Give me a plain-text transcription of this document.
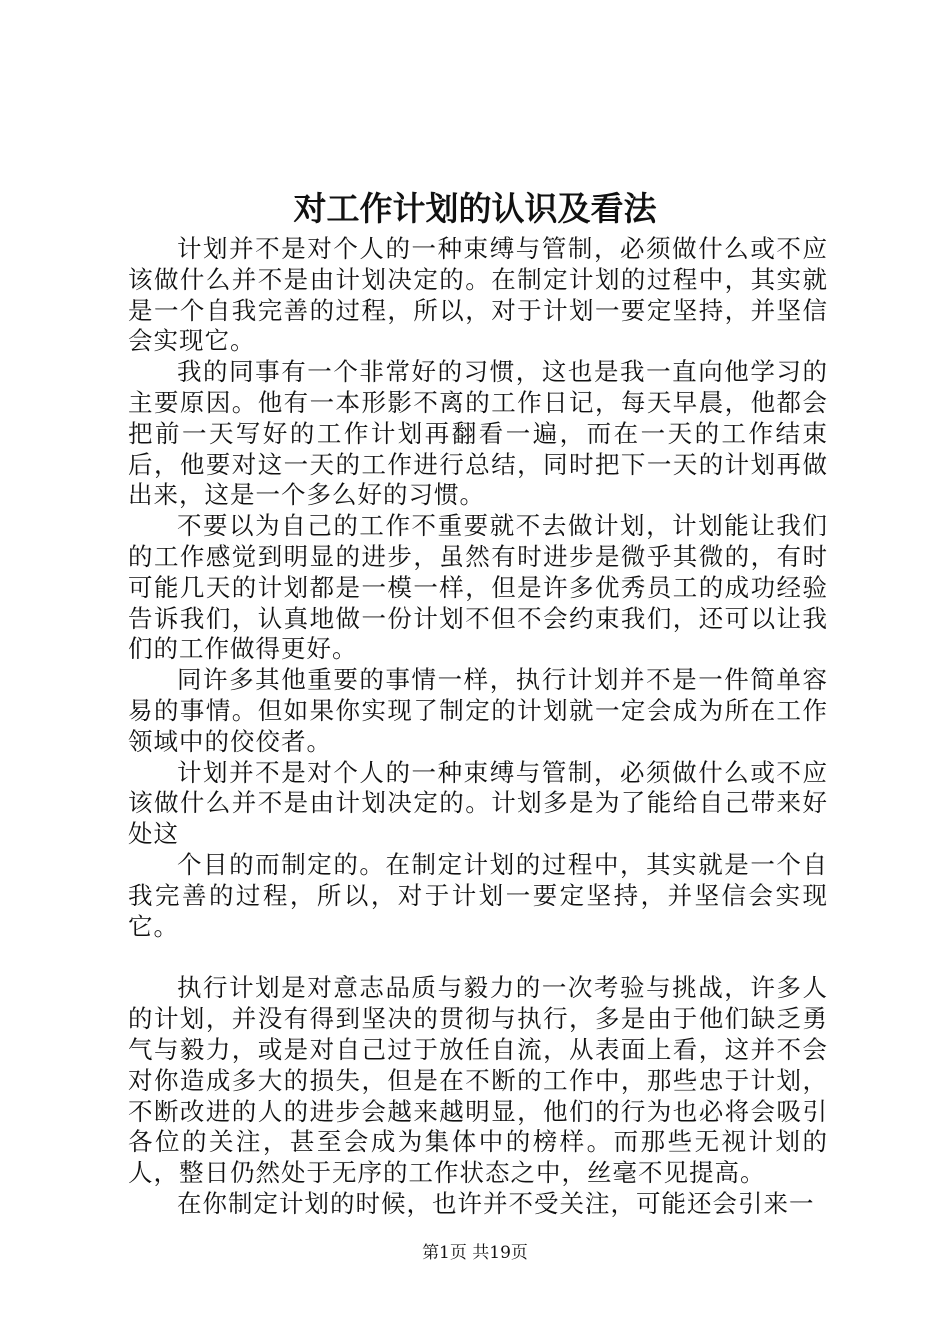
对工作计划的认识及看法

计划并不是对个人的一种束缚与管制，必须做什么或不应该做什么并不是由计划决定的。在制定计划的过程中，其实就是一个自我完善的过程，所以，对于计划一要定坚持，并坚信会实现它。

我的同事有一个非常好的习惯，这也是我一直向他学习的主要原因。他有一本形影不离的工作日记，每天早晨，他都会把前一天写好的工作计划再翻看一遍，而在一天的工作结束后，他要对这一天的工作进行总结，同时把下一天的计划再做出来，这是一个多么好的习惯。

不要以为自己的工作不重要就不去做计划，计划能让我们的工作感觉到明显的进步，虽然有时进步是微乎其微的，有时可能几天的计划都是一模一样，但是许多优秀员工的成功经验告诉我们，认真地做一份计划不但不会约束我们，还可以让我们的工作做得更好。

同许多其他重要的事情一样，执行计划并不是一件简单容易的事情。但如果你实现了制定的计划就一定会成为所在工作领域中的佼佼者。

计划并不是对个人的一种束缚与管制，必须做什么或不应该做什么并不是由计划决定的。计划多是为了能给自己带来好处这

个目的而制定的。在制定计划的过程中，其实就是一个自我完善的过程，所以，对于计划一要定坚持，并坚信会实现它。

执行计划是对意志品质与毅力的一次考验与挑战，许多人的计划，并没有得到坚决的贯彻与执行，多是由于他们缺乏勇气与毅力，或是对自己过于放任自流，从表面上看，这并不会对你造成多大的损失，但是在不断的工作中，那些忠于计划，不断改进的人的进步会越来越明显，他们的行为也必将会吸引各位的关注，甚至会成为集体中的榜样。而那些无视计划的人，整日仍然处于无序的工作状态之中，丝毫不见提高。

在你制定计划的时候，也许并不受关注，可能还会引来一

第1页 共19页
